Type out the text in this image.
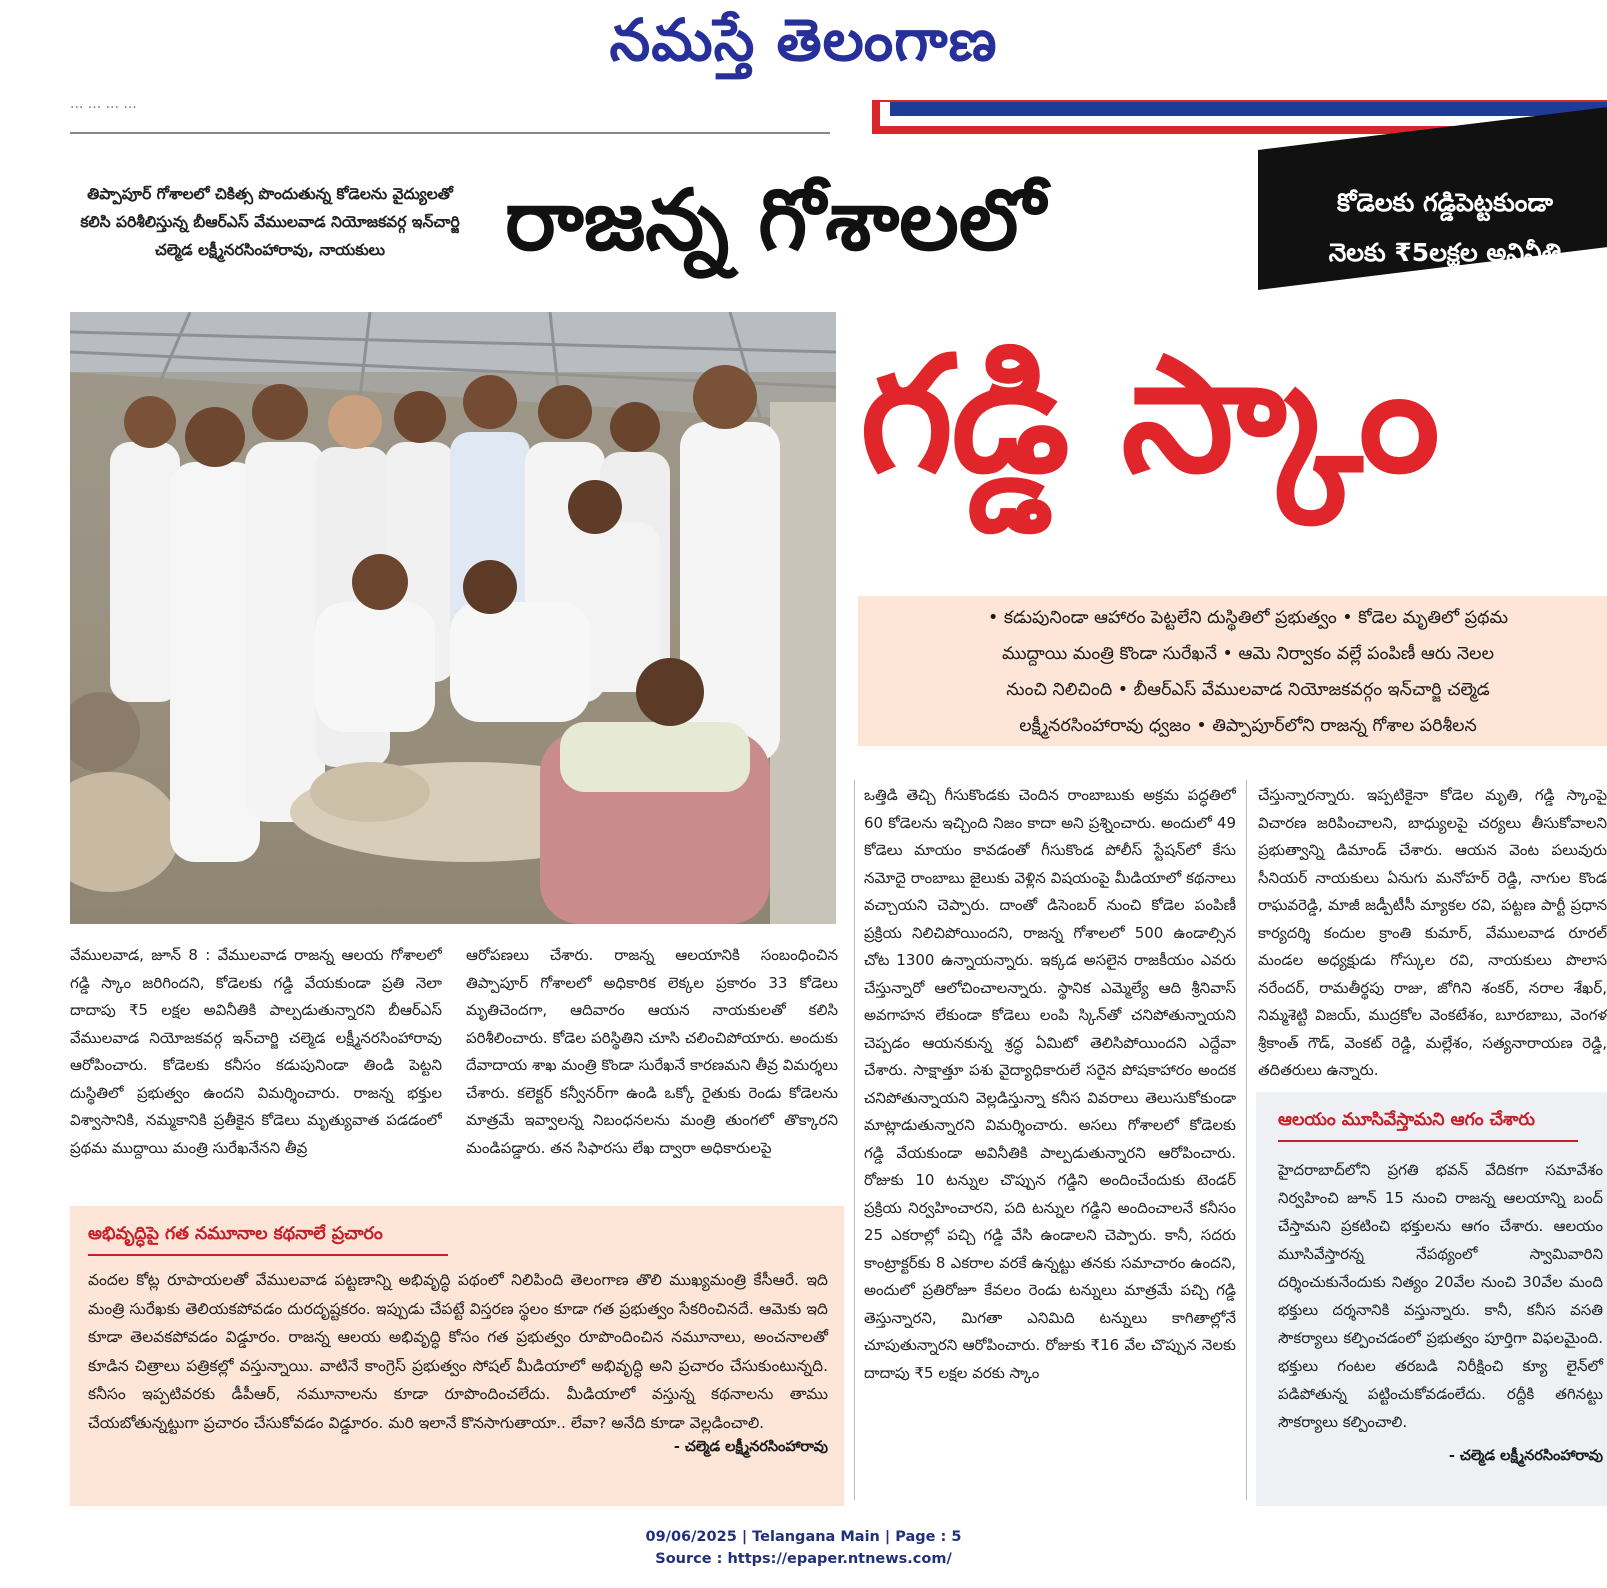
నమస్తే తెలంగాణ
... ... ... ...
తిప్పాపూర్ గోశాలలో చికిత్స పొందుతున్న కోడెలను వైద్యులతో కలిసి పరిశీలిస్తున్న బీఆర్ఎస్ వేములవాడ నియోజకవర్గ ఇన్‌చార్జి చల్మెడ లక్ష్మీనరసింహారావు, నాయకులు	రాజన్న గోశాలలో	కోడెలకు గడ్డిపెట్టకుండా
నెలకు ₹5లక్షల అవినీతి
గడ్డి స్కాం
• కడుపునిండా ఆహారం పెట్టలేని దుస్థితిలో ప్రభుత్వం • కోడెల మృతిలో ప్రథమ
ముద్దాయి మంత్రి కొండా సురేఖనే • ఆమె నిర్వాకం వల్లే పంపిణీ ఆరు నెలల
నుంచి నిలిచింది • బీఆర్ఎస్ వేములవాడ నియోజకవర్గం ఇన్‌చార్జి చల్మెడ
లక్ష్మీనరసింహారావు ధ్వజం • తిప్పాపూర్‌లోని రాజన్న గోశాల పరిశీలన
వేములవాడ, జూన్ 8 : వేములవాడ రాజన్న ఆలయ గోశాలలో గడ్డి స్కాం జరిగిందని, కోడెలకు గడ్డి వేయకుండా ప్రతి నెలా దాదాపు ₹5 లక్షల అవినీతికి పాల్పడుతున్నారని బీఆర్ఎస్ వేములవాడ నియోజకవర్గ ఇన్‌చార్జి చల్మెడ లక్ష్మీనరసింహారావు ఆరోపించారు. కోడెలకు కనీసం కడుపునిండా తిండి పెట్టని దుస్థితిలో ప్రభుత్వం ఉందని విమర్శించారు. రాజన్న భక్తుల విశ్వాసానికి, నమ్మకానికి ప్రతీకైన కోడెలు మృత్యువాత పడడంలో ప్రథమ ముద్దాయి మంత్రి సురేఖనేనని తీవ్ర
ఆరోపణలు చేశారు. రాజన్న ఆలయానికి సంబంధించిన తిప్పాపూర్ గోశాలలో అధికారిక లెక్కల ప్రకారం 33 కోడెలు మృతిచెందగా, ఆదివారం ఆయన నాయకులతో కలిసి పరిశీలించారు. కోడెల పరిస్థితిని చూసి చలించిపోయారు. అందుకు దేవాదాయ శాఖ మంత్రి కొండా సురేఖనే కారణమని తీవ్ర విమర్శలు చేశారు. కలెక్టర్ కన్వీనర్‌గా ఉండి ఒక్కో రైతుకు రెండు కోడెలను మాత్రమే ఇవ్వాలన్న నిబంధనలను మంత్రి తుంగలో తొక్కారని మండిపడ్డారు. తన సిఫారసు లేఖ ద్వారా అధికారులపై
ఒత్తిడి తెచ్చి గీసుకొండకు చెందిన రాంబాబుకు అక్రమ పద్ధతిలో 60 కోడెలను ఇచ్చింది నిజం కాదా అని ప్రశ్నించారు. అందులో 49 కోడెలు మాయం కావడంతో గీసుకొండ పోలీస్ స్టేషన్‌లో కేసు నమోదై రాంబాబు జైలుకు వెళ్లిన విషయంపై మీడియాలో కథనాలు వచ్చాయని చెప్పారు. దాంతో డిసెంబర్ నుంచి కోడెల పంపిణీ ప్రక్రియ నిలిచిపోయిందని, రాజన్న గోశాలలో 500 ఉండాల్సిన చోట 1300 ఉన్నాయన్నారు. ఇక్కడ అసలైన రాజకీయం ఎవరు చేస్తున్నారో ఆలోచించాలన్నారు. స్థానిక ఎమ్మెల్యే ఆది శ్రీనివాస్ అవగాహన లేకుండా కోడెలు లంపి స్కిన్‌తో చనిపోతున్నాయని చెప్పడం ఆయనకున్న శ్రద్ధ ఏమిటో తెలిసిపోయిందని ఎద్దేవా చేశారు. సాక్షాత్తూ పశు వైద్యాధికారులే సరైన పోషకాహారం అందక చనిపోతున్నాయని వెల్లడిస్తున్నా కనీస వివరాలు తెలుసుకోకుండా మాట్లాడుతున్నారని విమర్శించారు. అసలు గోశాలలో కోడెలకు గడ్డి వేయకుండా అవినీతికి పాల్పడుతున్నారని ఆరోపించారు. రోజుకు 10 టన్నుల చొప్పున గడ్డిని అందించేందుకు టెండర్ ప్రక్రియ నిర్వహించారని, పది టన్నుల గడ్డిని అందించాలనే కనీసం 25 ఎకరాల్లో పచ్చి గడ్డి వేసి ఉండాలని చెప్పారు. కానీ, సదరు కాంట్రాక్టర్‌కు 8 ఎకరాల వరకే ఉన్నట్టు తనకు సమాచారం ఉందని, అందులో ప్రతిరోజూ కేవలం రెండు టన్నులు మాత్రమే పచ్చి గడ్డి తెస్తున్నారని, మిగతా ఎనిమిది టన్నులు కాగితాల్లోనే చూపుతున్నారని ఆరోపించారు. రోజుకు ₹16 వేల చొప్పున నెలకు దాదాపు ₹5 లక్షల వరకు స్కాం
చేస్తున్నారన్నారు. ఇప్పటికైనా కోడెల మృతి, గడ్డి స్కాంపై విచారణ జరిపించాలని, బాధ్యులపై చర్యలు తీసుకోవాలని ప్రభుత్వాన్ని డిమాండ్ చేశారు. ఆయన వెంట పలువురు సీనియర్ నాయకులు ఏనుగు మనోహర్ రెడ్డి, నాగుల కొండ రాఘవరెడ్డి, మాజీ జడ్పీటీసీ మ్యాకల రవి, పట్టణ పార్టీ ప్రధాన కార్యదర్శి కందుల క్రాంతి కుమార్, వేములవాడ రూరల్ మండల అధ్యక్షుడు గోస్కుల రవి, నాయకులు పొలాస నరేందర్, రామతీర్థపు రాజు, జోగిని శంకర్, నరాల శేఖర్, నిమ్మశెట్టి విజయ్, ముద్రకోల వెంకటేశం, బూరబాబు, వెంగళ శ్రీకాంత్ గౌడ్, వెంకట్ రెడ్డి, మల్లేశం, సత్యనారాయణ రెడ్డి, తదితరులు ఉన్నారు.
అభివృద్ధిపై గత నమూనాల కథనాలే ప్రచారం
వందల కోట్ల రూపాయలతో వేములవాడ పట్టణాన్ని అభివృద్ధి పథంలో నిలిపింది తెలంగాణ తొలి ముఖ్యమంత్రి కేసీఆరే. ఇది మంత్రి సురేఖకు తెలియకపోవడం దురదృష్టకరం. ఇప్పుడు చేపట్టే విస్తరణ స్థలం కూడా గత ప్రభుత్వం సేకరించినదే. ఆమెకు ఇది కూడా తెలవకపోవడం విడ్డూరం. రాజన్న ఆలయ అభివృద్ధి కోసం గత ప్రభుత్వం రూపొందించిన నమూనాలు, అంచనాలతో కూడిన చిత్రాలు పత్రికల్లో వస్తున్నాయి. వాటినే కాంగ్రెస్ ప్రభుత్వం సోషల్ మీడియాలో అభివృద్ధి అని ప్రచారం చేసుకుంటున్నది. కనీసం ఇప్పటివరకు డీపీఆర్, నమూనాలను కూడా రూపొందించలేదు. మీడియాలో వస్తున్న కథనాలను తాము చేయబోతున్నట్టుగా ప్రచారం చేసుకోవడం విడ్డూరం. మరి ఇలానే కొనసాగుతాయా.. లేవా? అనేది కూడా వెల్లడించాలి.
- చల్మెడ లక్ష్మీనరసింహారావు
ఆలయం మూసివేస్తామని ఆగం చేశారు
హైదరాబాద్‌లోని ప్రగతి భవన్ వేదికగా సమావేశం నిర్వహించి జూన్ 15 నుంచి రాజన్న ఆలయాన్ని బంద్ చేస్తామని ప్రకటించి భక్తులను ఆగం చేశారు. ఆలయం మూసివేస్తారన్న నేపథ్యంలో స్వామివారిని దర్శించుకునేందుకు నిత్యం 20వేల నుంచి 30వేల మంది భక్తులు దర్శనానికి వస్తున్నారు. కానీ, కనీస వసతి సౌకర్యాలు కల్పించడంలో ప్రభుత్వం పూర్తిగా విఫలమైంది. భక్తులు గంటల తరబడి నిరీక్షించి క్యూ లైన్‌లో పడిపోతున్న పట్టించుకోవడంలేదు. రద్దీకి తగినట్టు సౌకర్యాలు కల్పించాలి.
- చల్మెడ లక్ష్మీనరసింహారావు
09/06/2025 | Telangana Main | Page : 5
Source : https://epaper.ntnews.com/
